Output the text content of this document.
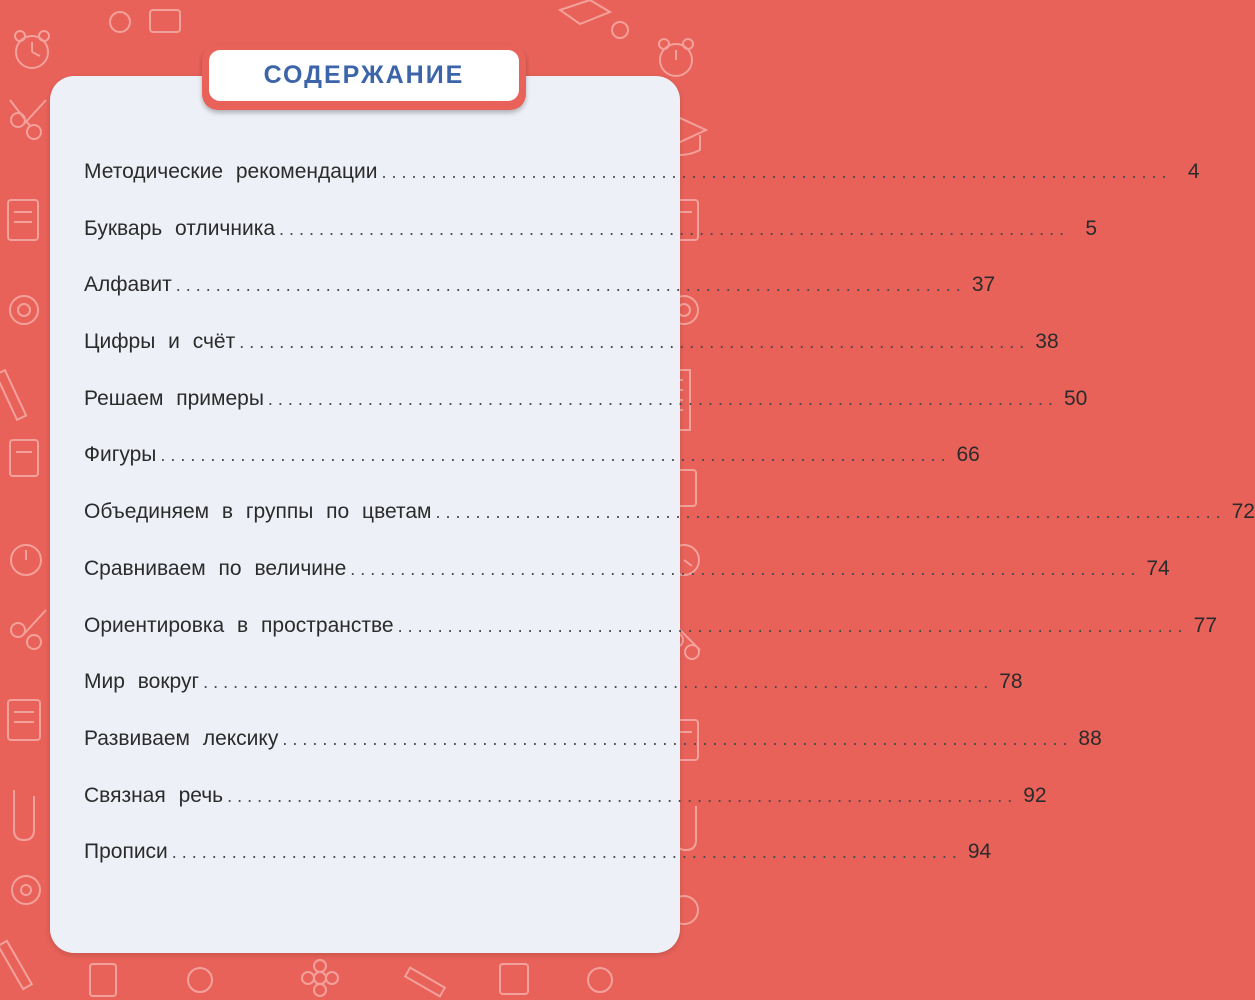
СОДЕРЖАНИЕ
Методические рекомендации ............................................................................... 4
Букварь отличника ............................................................................... 5
Алфавит ............................................................................... 37
Цифры и счёт ............................................................................... 38
Решаем примеры ............................................................................... 50
Фигуры ............................................................................... 66
Объединяем в группы по цветам ............................................................................... 72
Сравниваем по величине ............................................................................... 74
Ориентировка в пространстве ............................................................................... 77
Мир вокруг ............................................................................... 78
Развиваем лексику ............................................................................... 88
Связная речь ............................................................................... 92
Прописи ............................................................................... 94
